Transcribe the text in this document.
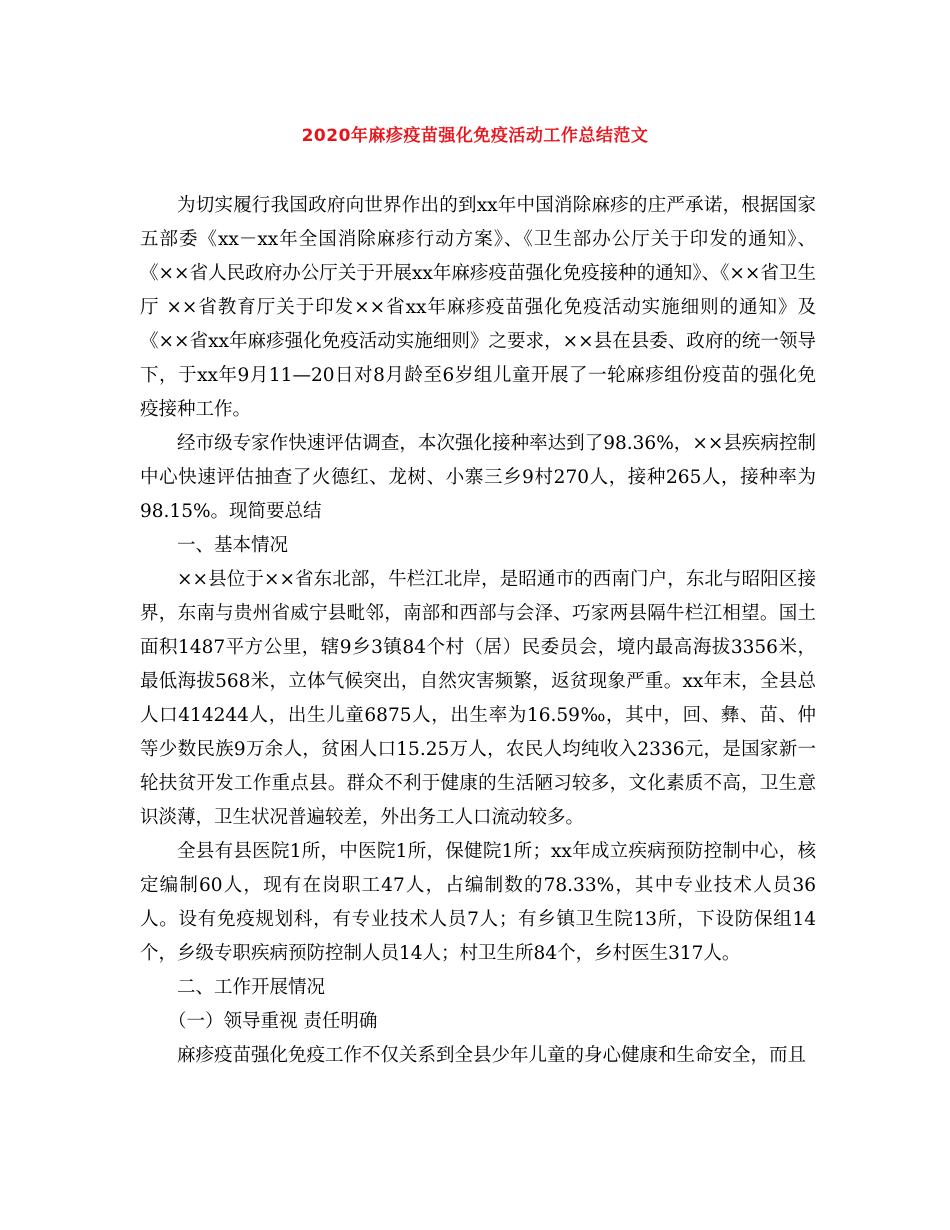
2020年麻疹疫苗强化免疫活动工作总结范文

为切实履行我国政府向世界作出的到xx年中国消除麻疹的庄严承诺，根据国家五部委《xx－xx年全国消除麻疹行动方案》、《卫生部办公厅关于印发的通知》、《××省人民政府办公厅关于开展xx年麻疹疫苗强化免疫接种的通知》、《××省卫生厅 ××省教育厅关于印发××省xx年麻疹疫苗强化免疫活动实施细则的通知》及《××省xx年麻疹强化免疫活动实施细则》之要求，××县在县委、政府的统一领导下，于xx年9月11—20日对8月龄至6岁组儿童开展了一轮麻疹组份疫苗的强化免疫接种工作。

经市级专家作快速评估调查，本次强化接种率达到了98.36%，××县疾病控制中心快速评估抽查了火德红、龙树、小寨三乡9村270人，接种265人，接种率为98.15%。现简要总结

一、基本情况

××县位于××省东北部，牛栏江北岸，是昭通市的西南门户，东北与昭阳区接界，东南与贵州省威宁县毗邻，南部和西部与会泽、巧家两县隔牛栏江相望。国土面积1487平方公里，辖9乡3镇84个村（居）民委员会，境内最高海拔3356米，最低海拔568米，立体气候突出，自然灾害频繁，返贫现象严重。xx年末，全县总人口414244人，出生儿童6875人，出生率为16.59‰，其中，回、彝、苗、仲等少数民族9万余人，贫困人口15.25万人，农民人均纯收入2336元，是国家新一轮扶贫开发工作重点县。群众不利于健康的生活陋习较多，文化素质不高，卫生意识淡薄，卫生状况普遍较差，外出务工人口流动较多。

全县有县医院1所，中医院1所，保健院1所；xx年成立疾病预防控制中心，核定编制60人，现有在岗职工47人，占编制数的78.33%，其中专业技术人员36人。设有免疫规划科，有专业技术人员7人；有乡镇卫生院13所，下设防保组14个，乡级专职疾病预防控制人员14人；村卫生所84个，乡村医生317人。

二、工作开展情况

（一）领导重视 责任明确

麻疹疫苗强化免疫工作不仅关系到全县少年儿童的身心健康和生命安全，而且
